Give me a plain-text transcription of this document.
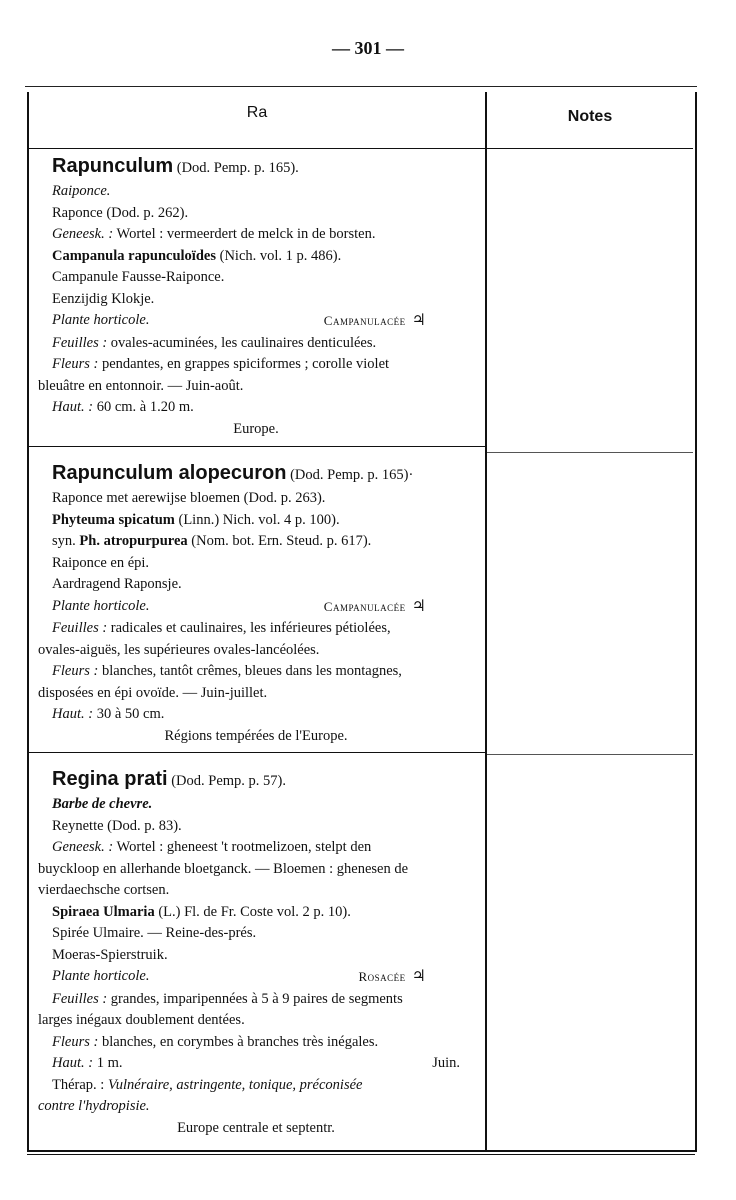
— 301 —
Ra	Notes
Rapunculum (Dod. Pemp. p. 165).
Raiponce.
Raponce (Dod. p. 262).
Geneesk. : Wortel : vermeerdert de melck in de borsten.
Campanula rapunculoïdes (Nich. vol. 1 p. 486).
Campanule Fausse-Raiponce.
Eenzijdig Klokje.
Plante horticole.	Campanulacée ♃
Feuilles : ovales-acuminées, les caulinaires denticulées.
Fleurs : pendantes, en grappes spiciformes ; corolle violet
bleuâtre en entonnoir. — Juin-août.
Haut. : 60 cm. à 1.20 m.
Europe.
Rapunculum alopecuron (Dod. Pemp. p. 165)·
Raponce met aerewijse bloemen (Dod. p. 263).
Phyteuma spicatum (Linn.) Nich. vol. 4 p. 100).
syn. Ph. atropurpurea (Nom. bot. Ern. Steud. p. 617).
Raiponce en épi.
Aardragend Raponsje.
Plante horticole.	Campanulacée ♃
Feuilles : radicales et caulinaires, les inférieures pétiolées,
ovales-aiguës, les supérieures ovales-lancéolées.
Fleurs : blanches, tantôt crêmes, bleues dans les montagnes,
disposées en épi ovoïde. — Juin-juillet.
Haut. : 30 à 50 cm.
Régions tempérées de l'Europe.
Regina prati (Dod. Pemp. p. 57).
Barbe de chevre.
Reynette (Dod. p. 83).
Geneesk. : Wortel : gheneest 't rootmelizoen, stelpt den
buyckloop en allerhande bloetganck. — Bloemen : ghenesen de
vierdaechsche cortsen.
Spiraea Ulmaria (L.) Fl. de Fr. Coste vol. 2 p. 10).
Spirée Ulmaire. — Reine-des-prés.
Moeras-Spierstruik.
Plante horticole.	Rosacée ♃
Feuilles : grandes, imparipennées à 5 à 9 paires de segments
larges inégaux doublement dentées.
Fleurs : blanches, en corymbes à branches très inégales.
Haut. : 1 m.	Juin.
Thérap. : Vulnéraire, astringente, tonique, préconisée
contre l'hydropisie.
Europe centrale et septentr.
